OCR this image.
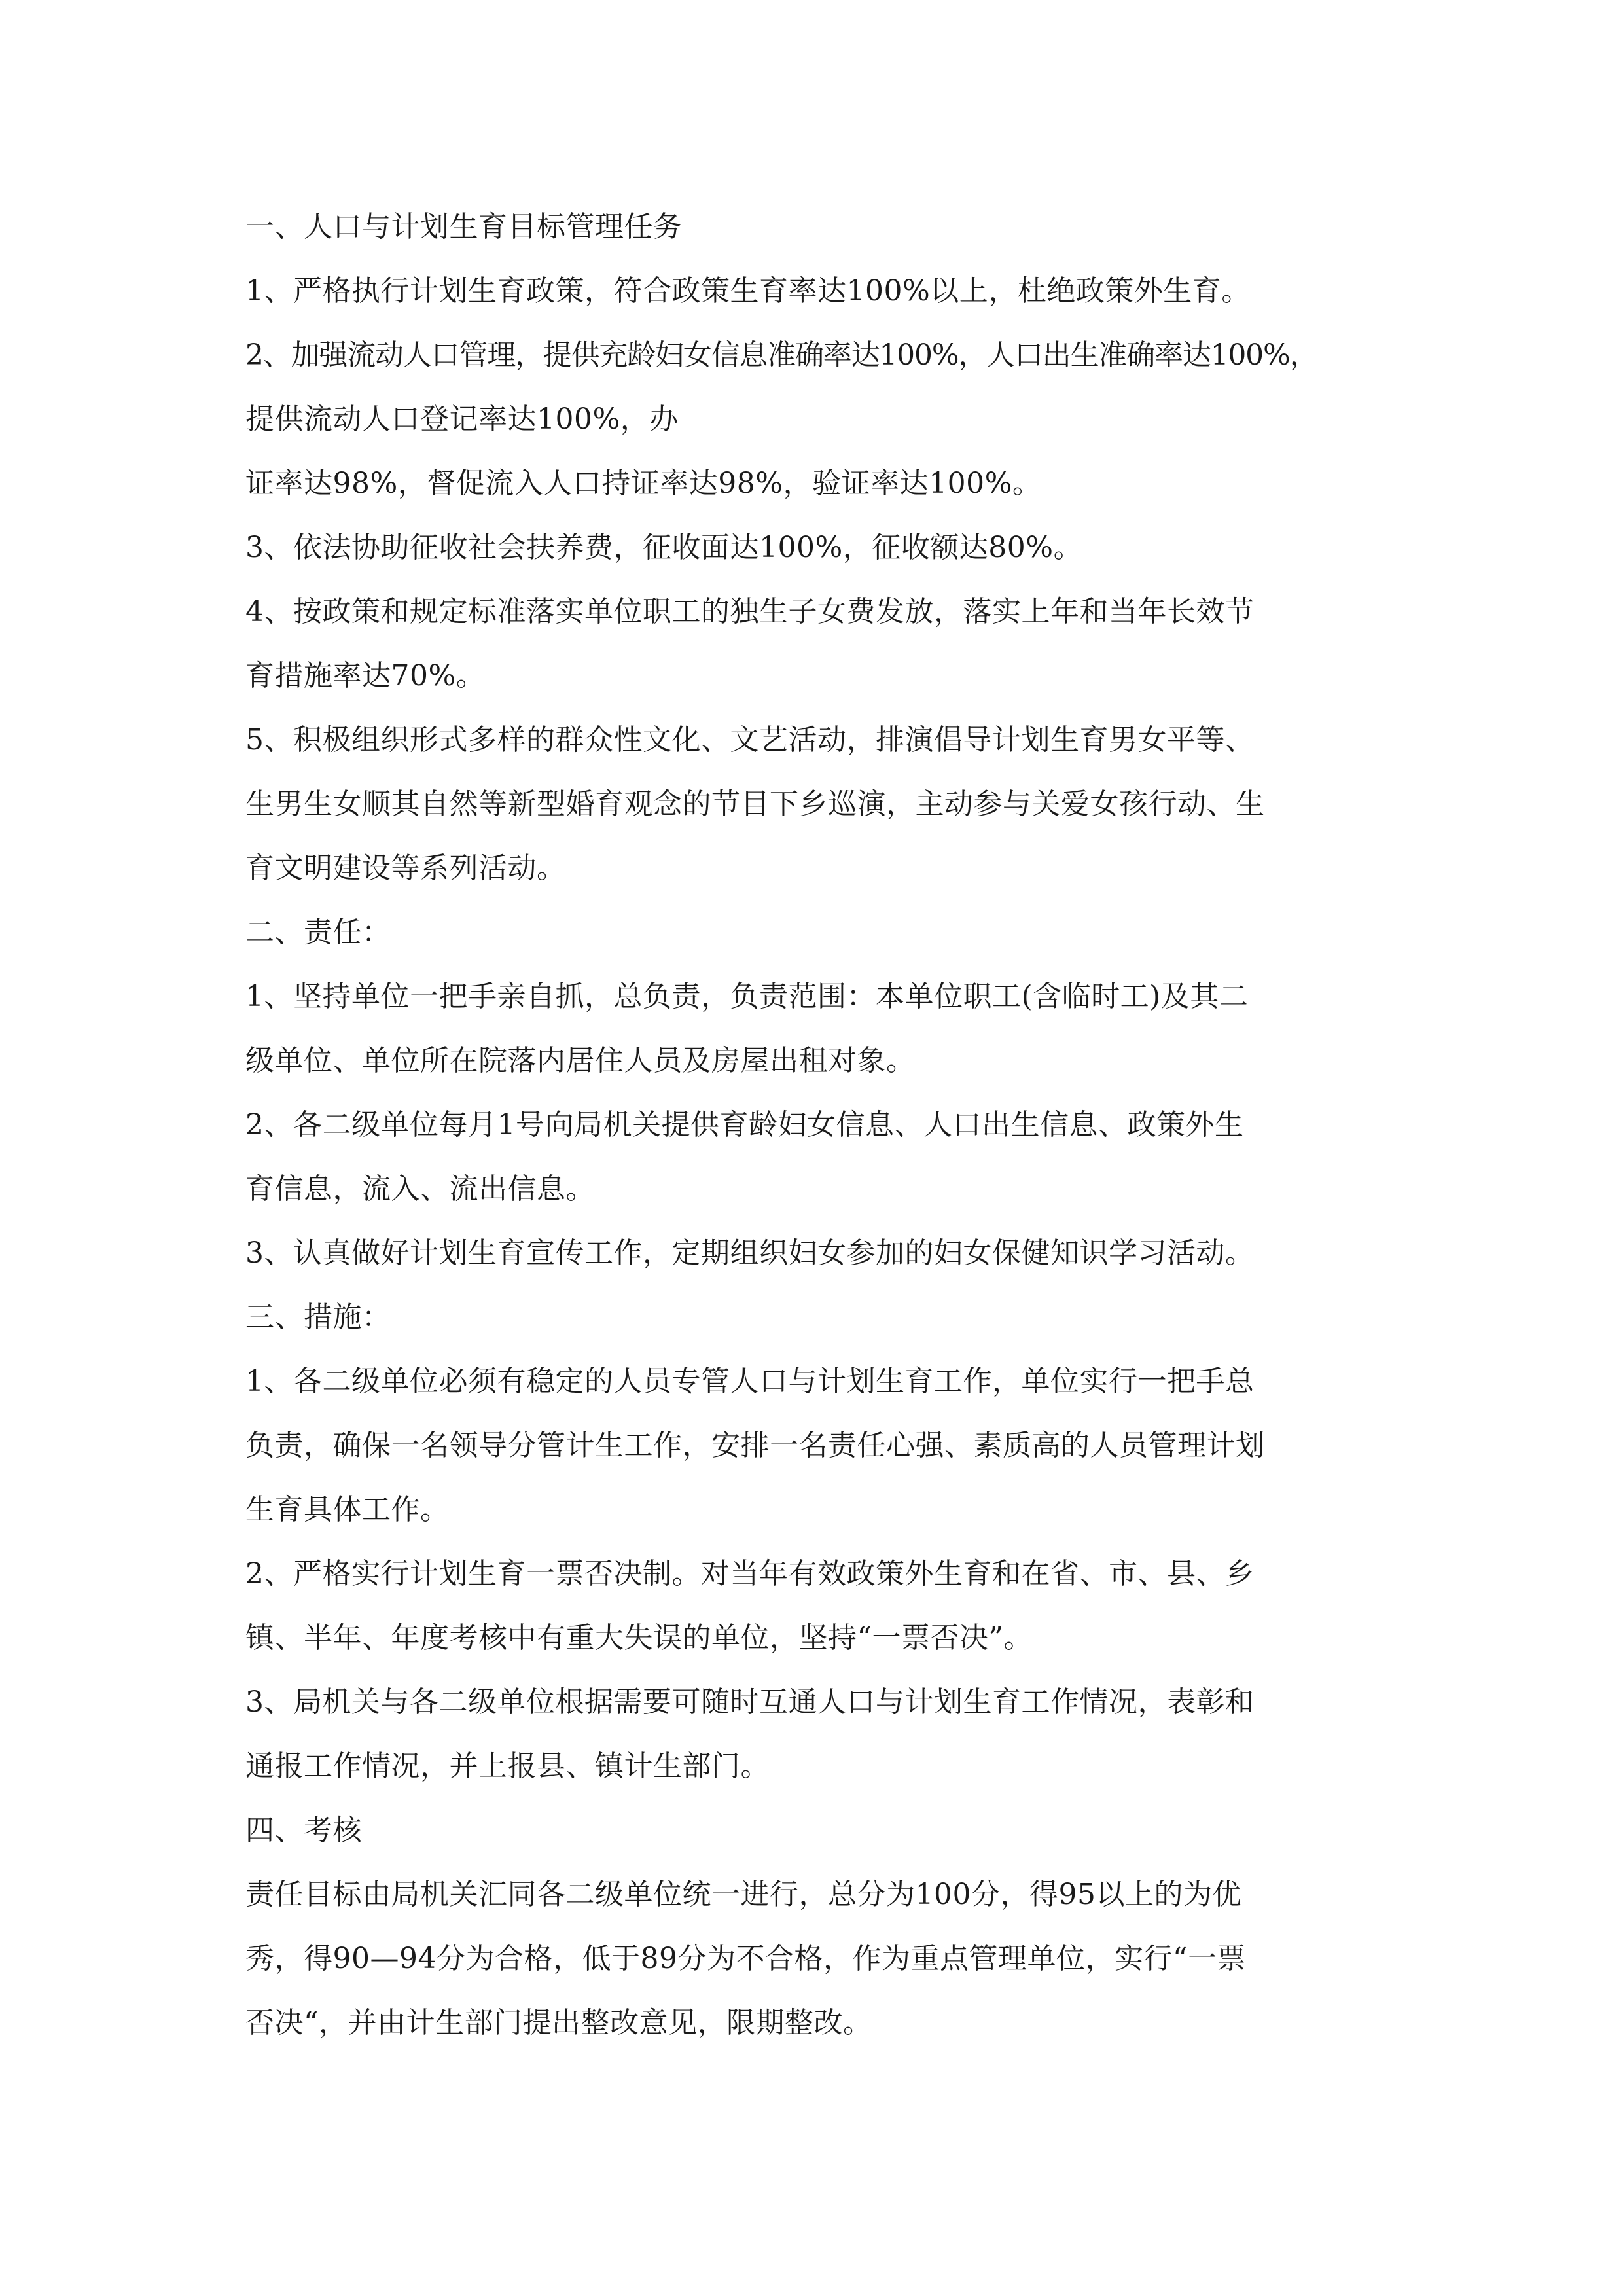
一、人口与计划生育目标管理任务
1、严格执行计划生育政策，符合政策生育率达100%以上，杜绝政策外生育。
2、加强流动人口管理，提供充龄妇女信息准确率达100%，人口出生准确率达100%，
提供流动人口登记率达100%，办
证率达98%，督促流入人口持证率达98%，验证率达100%。
3、依法协助征收社会扶养费，征收面达100%，征收额达80%。
4、按政策和规定标准落实单位职工的独生子女费发放，落实上年和当年长效节
育措施率达70%。
5、积极组织形式多样的群众性文化、文艺活动，排演倡导计划生育男女平等、
生男生女顺其自然等新型婚育观念的节目下乡巡演，主动参与关爱女孩行动、生
育文明建设等系列活动。
二、责任：
1、坚持单位一把手亲自抓，总负责，负责范围：本单位职工(含临时工)及其二
级单位、单位所在院落内居住人员及房屋出租对象。
2、各二级单位每月1号向局机关提供育龄妇女信息、人口出生信息、政策外生
育信息，流入、流出信息。
3、认真做好计划生育宣传工作，定期组织妇女参加的妇女保健知识学习活动。
三、措施：
1、各二级单位必须有稳定的人员专管人口与计划生育工作，单位实行一把手总
负责，确保一名领导分管计生工作，安排一名责任心强、素质高的人员管理计划
生育具体工作。
2、严格实行计划生育一票否决制。对当年有效政策外生育和在省、市、县、乡
镇、半年、年度考核中有重大失误的单位，坚持“一票否决”。
3、局机关与各二级单位根据需要可随时互通人口与计划生育工作情况，表彰和
通报工作情况，并上报县、镇计生部门。
四、考核
责任目标由局机关汇同各二级单位统一进行，总分为100分，得95以上的为优
秀，得90—94分为合格，低于89分为不合格，作为重点管理单位，实行“一票
否决“，并由计生部门提出整改意见，限期整改。
